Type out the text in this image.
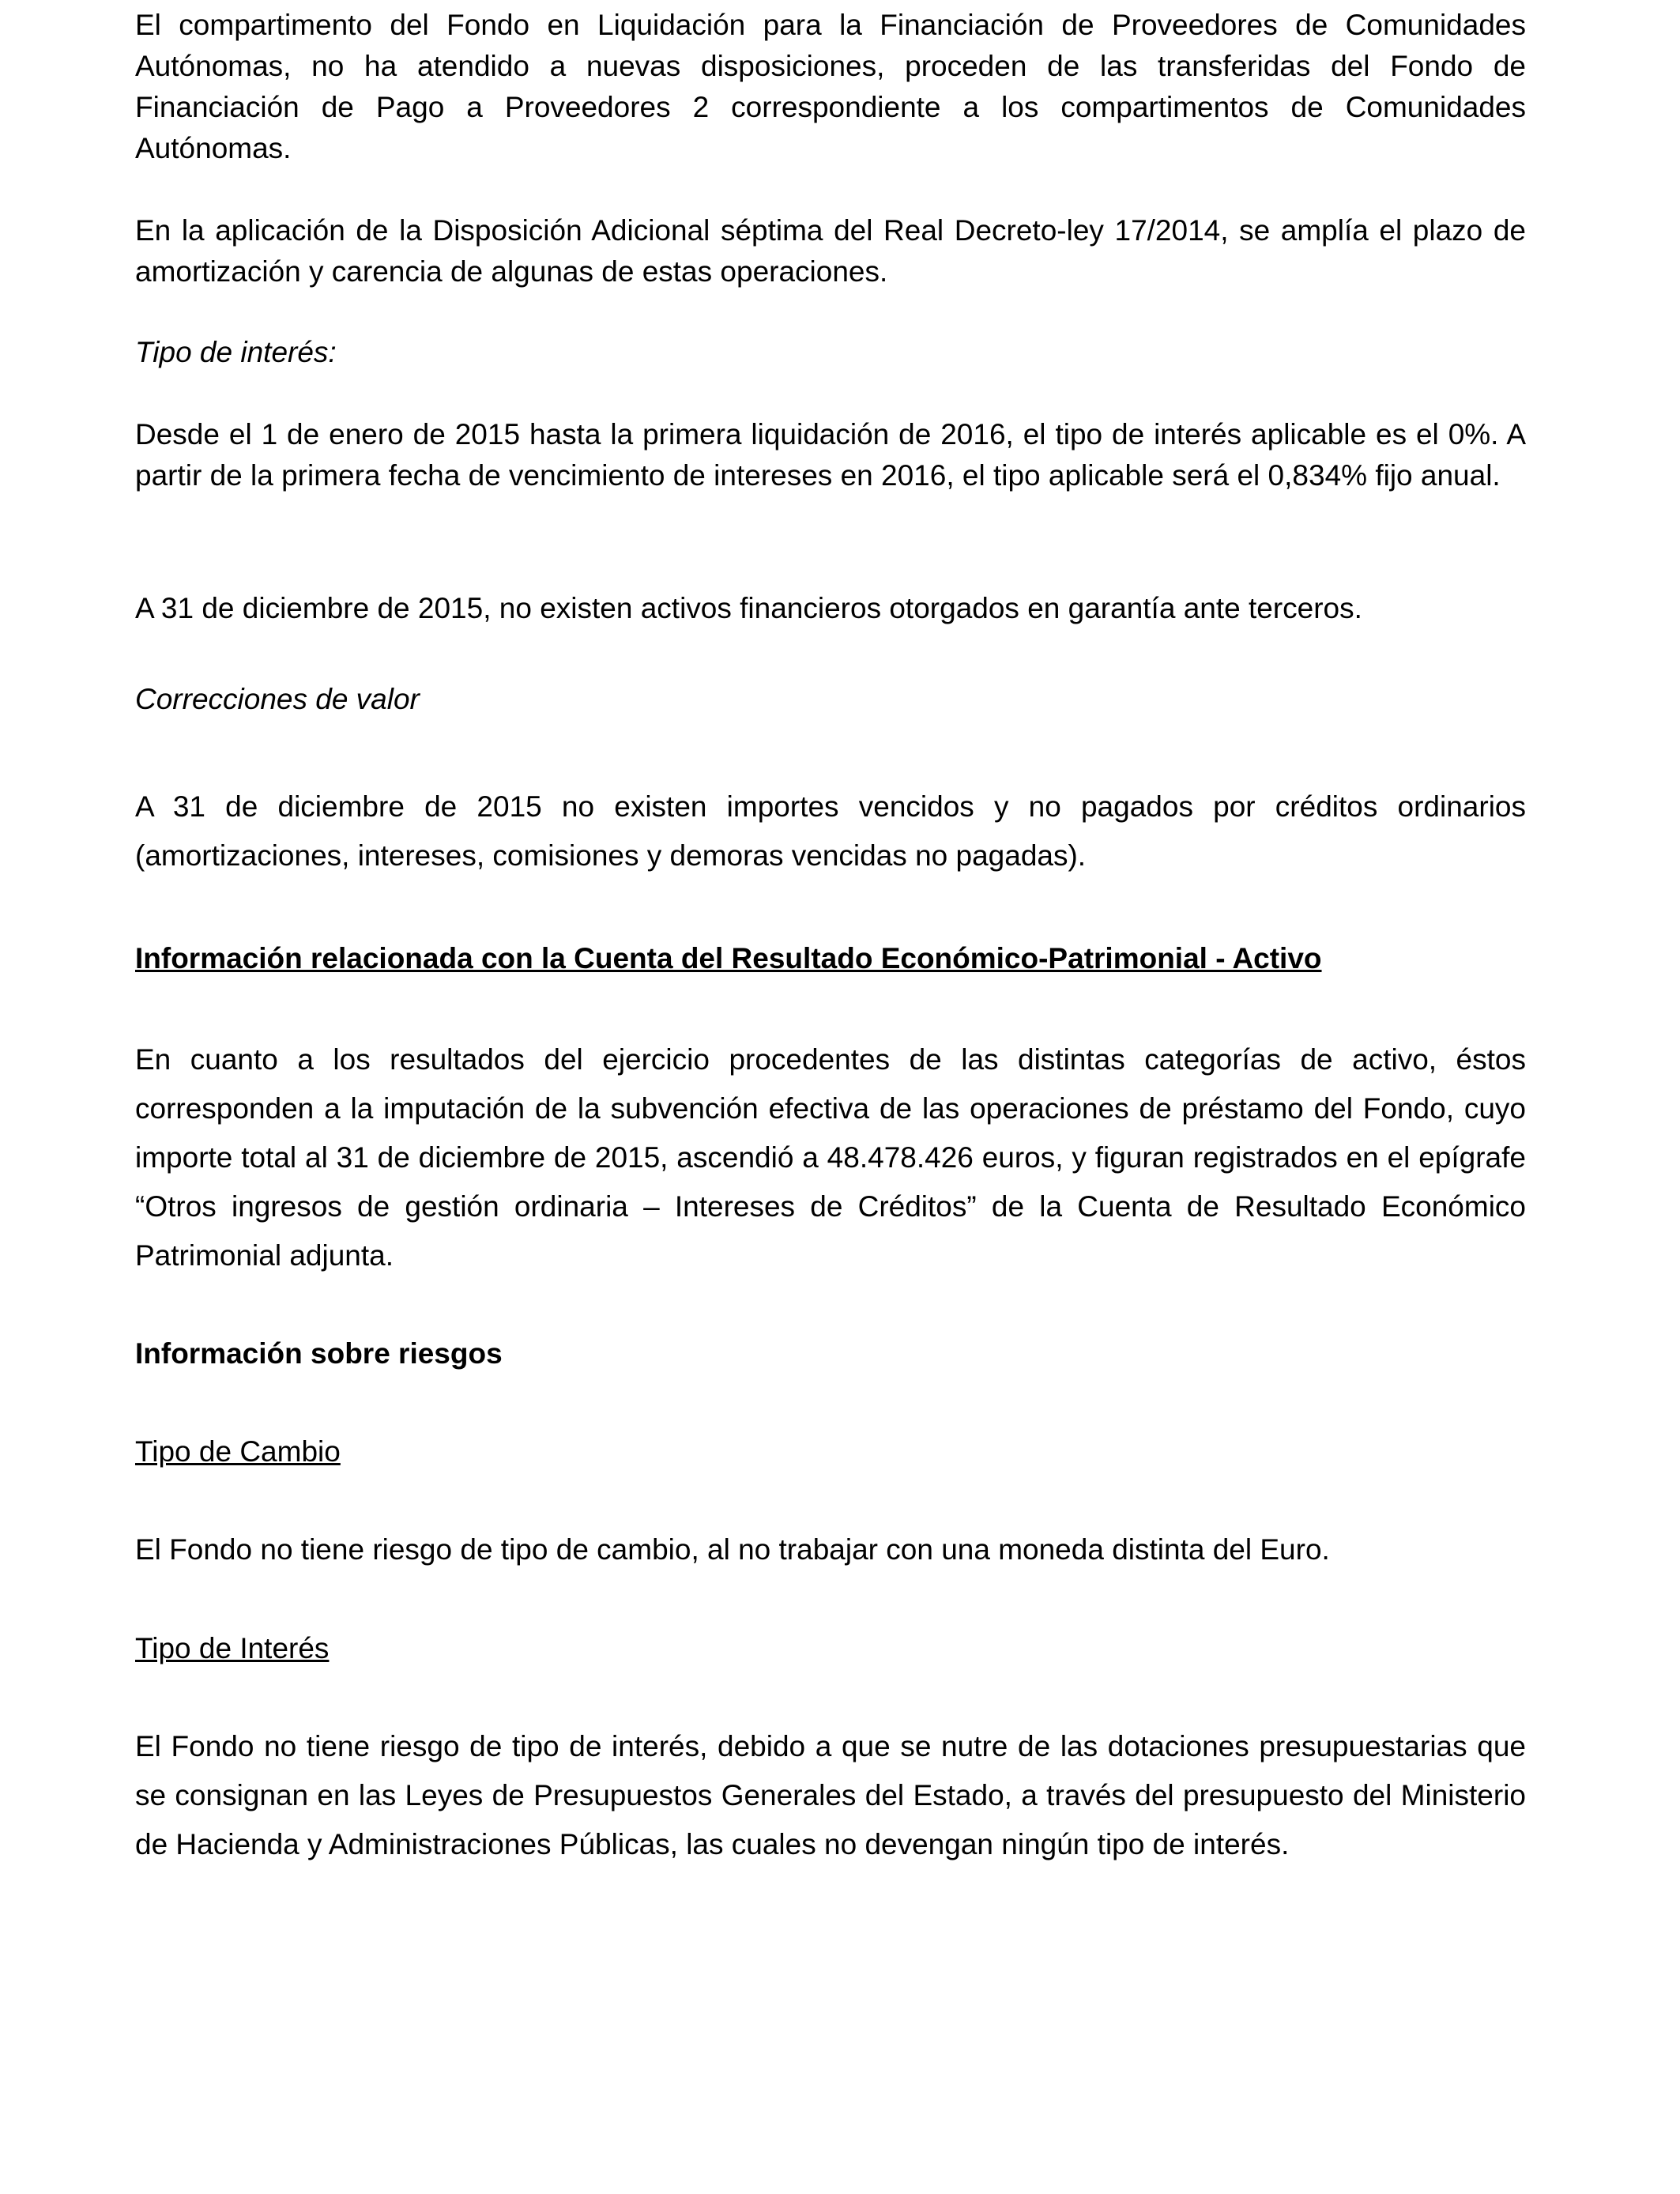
El compartimento del Fondo en Liquidación para la Financiación de Proveedores de Comunidades Autónomas, no ha atendido a nuevas disposiciones, proceden de las transferidas del Fondo de Financiación de Pago a Proveedores 2 correspondiente a los compartimentos de Comunidades Autónomas.

En la aplicación de la Disposición Adicional séptima del Real Decreto-ley 17/2014, se amplía el plazo de amortización y carencia de algunas de estas operaciones.

Tipo de interés:

Desde el 1 de enero de 2015 hasta la primera liquidación de 2016, el tipo de interés aplicable es el 0%. A partir de la primera fecha de vencimiento de intereses en 2016, el tipo aplicable será el 0,834% fijo anual.

A 31 de diciembre de 2015, no existen activos financieros otorgados en garantía ante terceros.

Correcciones de valor

A 31 de diciembre de 2015 no existen importes vencidos y no pagados por créditos ordinarios (amortizaciones, intereses, comisiones y demoras vencidas no pagadas).

Información relacionada con la Cuenta del Resultado Económico-Patrimonial - Activo

En cuanto a los resultados del ejercicio procedentes de las distintas categorías de activo, éstos corresponden a la imputación de la subvención efectiva de las operaciones de préstamo del Fondo, cuyo importe total al 31 de diciembre de 2015, ascendió a 48.478.426 euros, y figuran registrados en el epígrafe “Otros ingresos de gestión ordinaria – Intereses de Créditos” de la Cuenta de Resultado Económico Patrimonial adjunta.

Información sobre riesgos

Tipo de Cambio

El Fondo no tiene riesgo de tipo de cambio, al no trabajar con una moneda distinta del Euro.

Tipo de Interés

El Fondo no tiene riesgo de tipo de interés, debido a que se nutre de las dotaciones presupuestarias que se consignan en las Leyes de Presupuestos Generales del Estado, a través del presupuesto del Ministerio de Hacienda y Administraciones Públicas, las cuales no devengan ningún tipo de interés.
